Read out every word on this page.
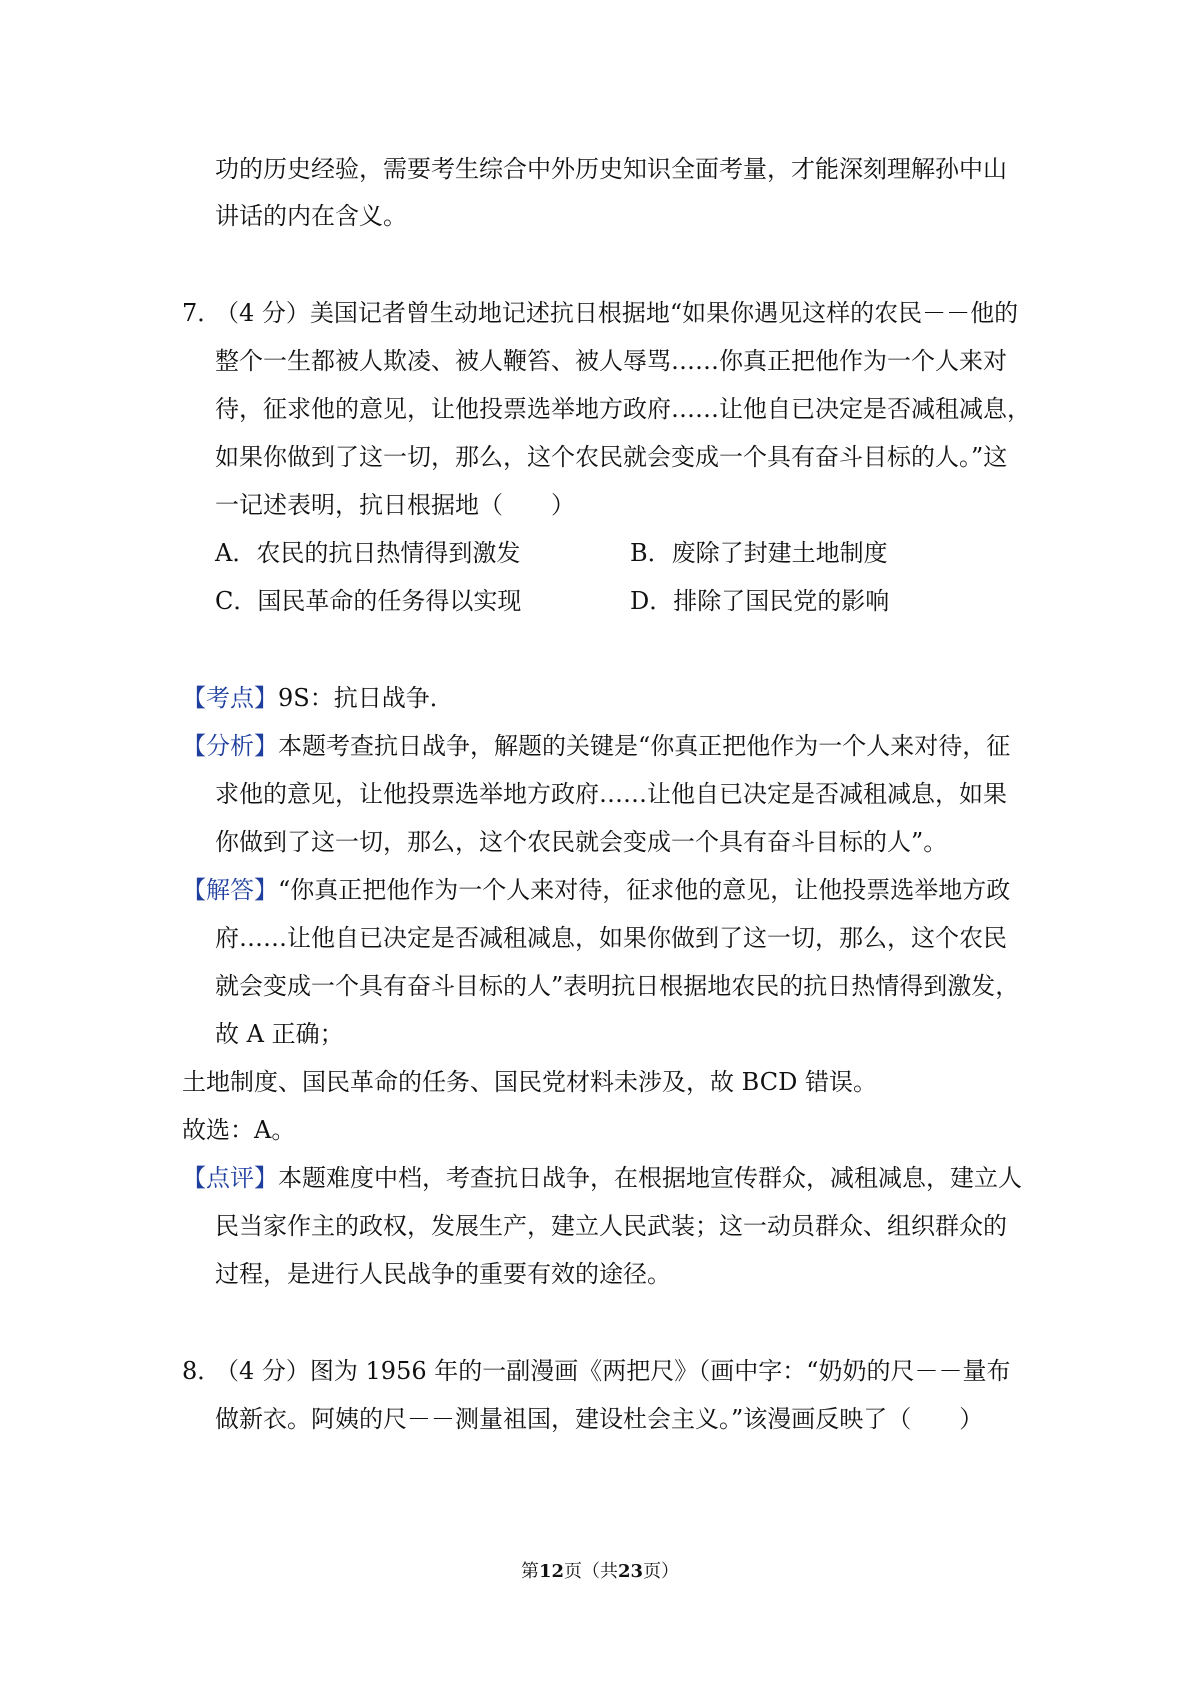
功的历史经验，需要考生综合中外历史知识全面考量，才能深刻理解孙中山
讲话的内在含义。
7．
（4 分）美国记者曾生动地记述抗日根据地“如果你遇见这样的农民－－他的
整个一生都被人欺凌、被人鞭笞、被人辱骂……你真正把他作为一个人来对
待，征求他的意见，让他投票选举地方政府……让他自已决定是否减租减息，
如果你做到了这一切，那么，这个农民就会变成一个具有奋斗目标的人。”这
一记述表明，抗日根据地（　　）
A．农民的抗日热情得到激发	B．废除了封建土地制度
C．国民革命的任务得以实现	D．排除了国民党的影响
【考点】9S：抗日战争．
【分析】本题考查抗日战争，解题的关键是“你真正把他作为一个人来对待，征
求他的意见，让他投票选举地方政府……让他自已决定是否减租减息，如果
你做到了这一切，那么，这个农民就会变成一个具有奋斗目标的人”。
【解答】“你真正把他作为一个人来对待，征求他的意见，让他投票选举地方政
府……让他自已决定是否减租减息，如果你做到了这一切，那么，这个农民
就会变成一个具有奋斗目标的人”表明抗日根据地农民的抗日热情得到激发，
故 A 正确；
土地制度、国民革命的任务、国民党材料未涉及，故 BCD 错误。
故选：A。
【点评】本题难度中档，考查抗日战争，在根据地宣传群众，减租减息，建立人
民当家作主的政权，发展生产，建立人民武装；这一动员群众、组织群众的
过程，是进行人民战争的重要有效的途径。
8．
（4 分）图为 1956 年的一副漫画《两把尺》（画中字：“奶奶的尺－－量布
做新衣。阿姨的尺－－测量祖国，建设杜会主义。”该漫画反映了（　　）
第12页（共23页）
